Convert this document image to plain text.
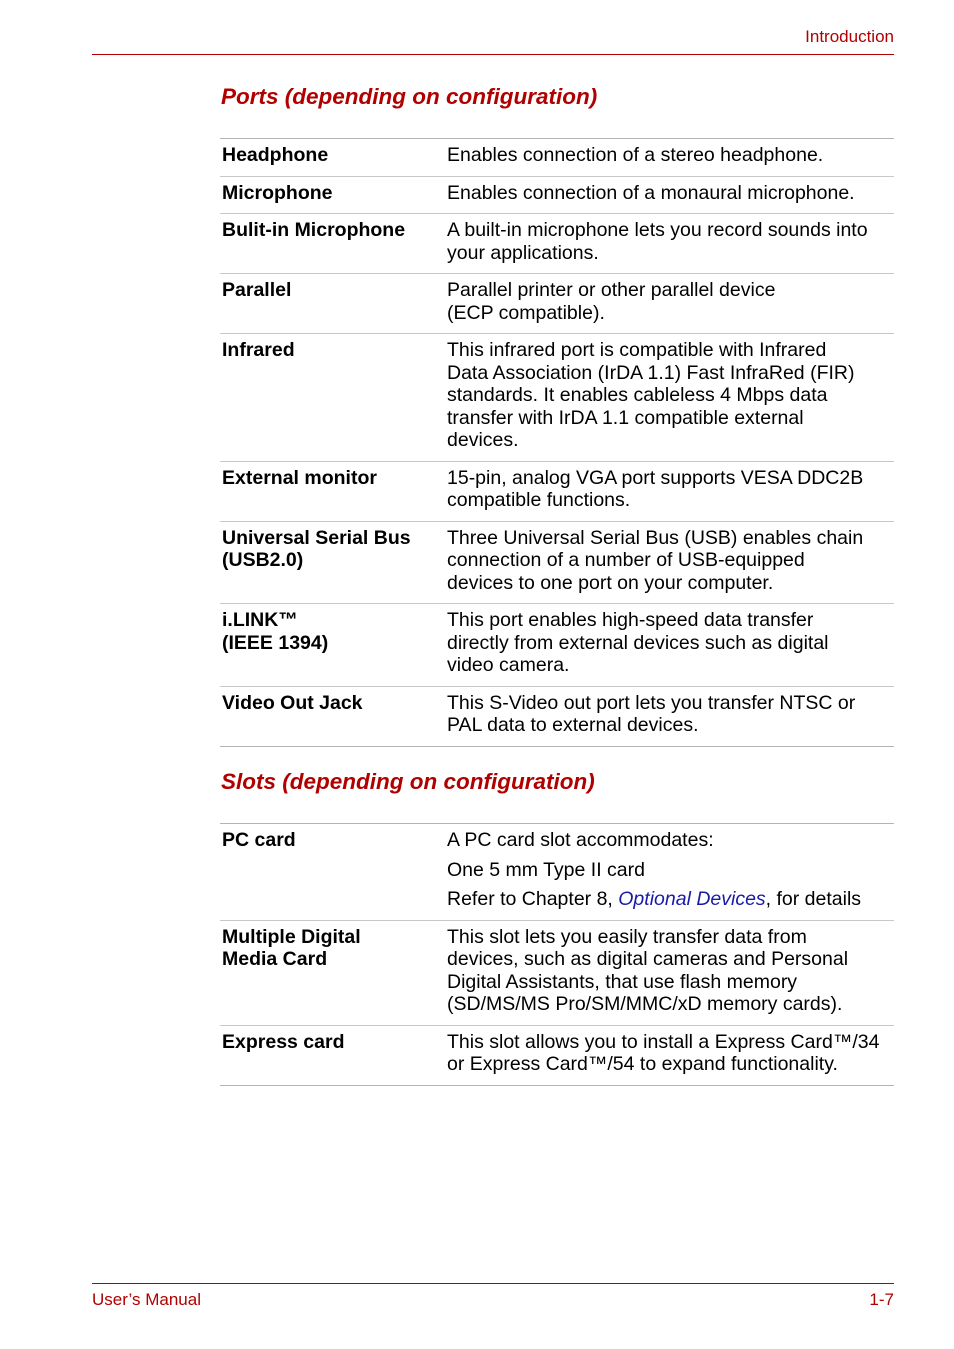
Introduction
Ports (depending on configuration)
Headphone	Enables connection of a stereo headphone.
Microphone	Enables connection of a monaural microphone.
Bulit-in Microphone	A built-in microphone lets you record sounds into
your applications.
Parallel	Parallel printer or other parallel device
(ECP compatible).
Infrared	This infrared port is compatible with Infrared
Data Association (IrDA 1.1) Fast InfraRed (FIR)
standards. It enables cableless 4 Mbps data
transfer with IrDA 1.1 compatible external
devices.
External monitor	15-pin, analog VGA port supports VESA DDC2B
compatible functions.
Universal Serial Bus
(USB2.0)	Three Universal Serial Bus (USB) enables chain
connection of a number of USB-equipped
devices to one port on your computer.
i.LINK™
(IEEE 1394)	This port enables high-speed data transfer
directly from external devices such as digital
video camera.
Video Out Jack	This S-Video out port lets you transfer NTSC or
PAL data to external devices.
Slots (depending on configuration)
PC card	A PC card slot accommodates:
One 5 mm Type II card
Refer to Chapter 8, Optional Devices, for details

Multiple Digital
Media Card	This slot lets you easily transfer data from
devices, such as digital cameras and Personal
Digital Assistants, that use flash memory
(SD/MS/MS Pro/SM/MMC/xD memory cards).
Express card	This slot allows you to install a Express Card™/34
or Express Card™/54 to expand functionality.
User’s Manual	1-7
